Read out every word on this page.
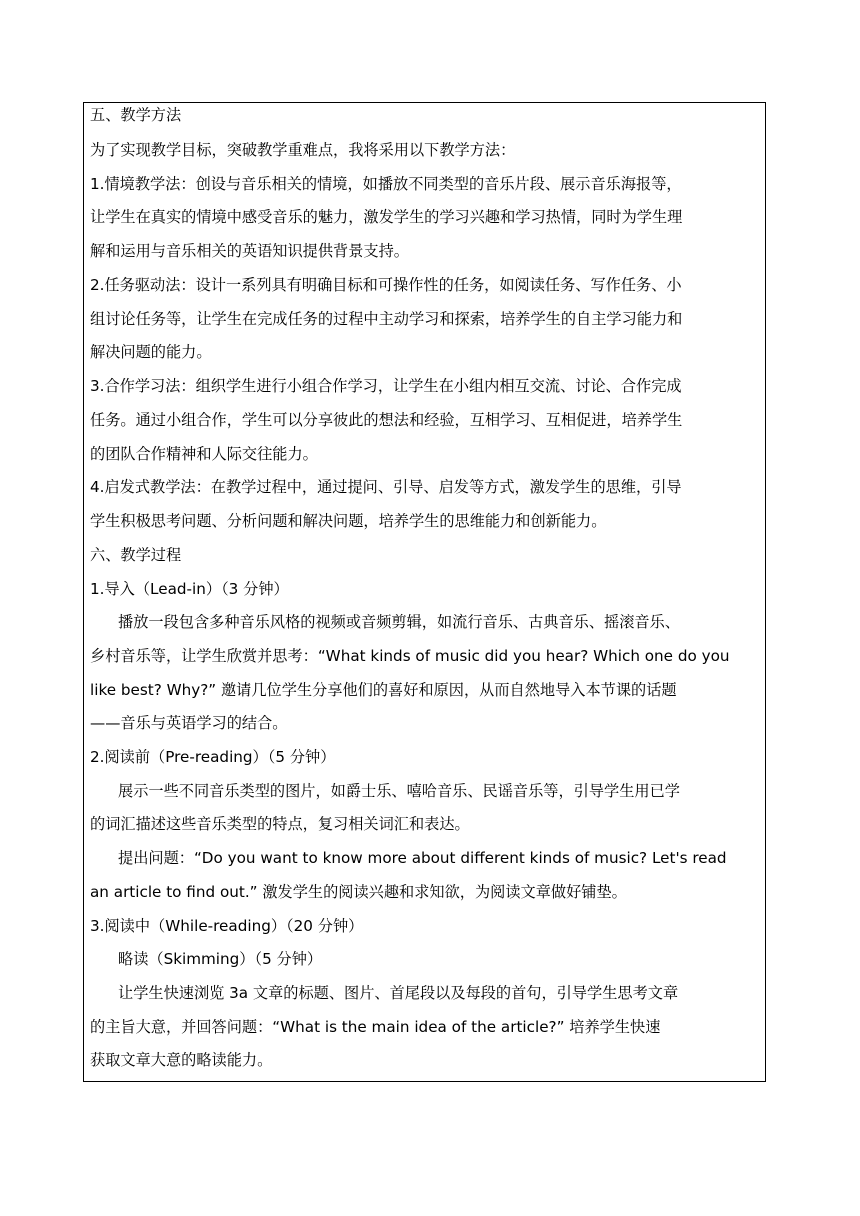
五、教学方法
为了实现教学目标，突破教学重难点，我将采用以下教学方法：
1.情境教学法：创设与音乐相关的情境，如播放不同类型的音乐片段、展示音乐海报等，
让学生在真实的情境中感受音乐的魅力，激发学生的学习兴趣和学习热情，同时为学生理
解和运用与音乐相关的英语知识提供背景支持。
2.任务驱动法：设计一系列具有明确目标和可操作性的任务，如阅读任务、写作任务、小
组讨论任务等，让学生在完成任务的过程中主动学习和探索，培养学生的自主学习能力和
解决问题的能力。
3.合作学习法：组织学生进行小组合作学习，让学生在小组内相互交流、讨论、合作完成
任务。通过小组合作，学生可以分享彼此的想法和经验，互相学习、互相促进，培养学生
的团队合作精神和人际交往能力。
4.启发式教学法：在教学过程中，通过提问、引导、启发等方式，激发学生的思维，引导
学生积极思考问题、分析问题和解决问题，培养学生的思维能力和创新能力。
六、教学过程
1.导入（Lead-in）（3 分钟）
播放一段包含多种音乐风格的视频或音频剪辑，如流行音乐、古典音乐、摇滚音乐、
乡村音乐等，让学生欣赏并思考：“What kinds of music did you hear? Which one do you
like best? Why?” 邀请几位学生分享他们的喜好和原因，从而自然地导入本节课的话题
——音乐与英语学习的结合。
2.阅读前（Pre-reading）（5 分钟）
展示一些不同音乐类型的图片，如爵士乐、嘻哈音乐、民谣音乐等，引导学生用已学
的词汇描述这些音乐类型的特点，复习相关词汇和表达。
提出问题：“Do you want to know more about different kinds of music? Let's read
an article to find out.” 激发学生的阅读兴趣和求知欲，为阅读文章做好铺垫。
3.阅读中（While-reading）（20 分钟）
略读（Skimming）（5 分钟）
让学生快速浏览 3a 文章的标题、图片、首尾段以及每段的首句，引导学生思考文章
的主旨大意，并回答问题：“What is the main idea of the article?” 培养学生快速
获取文章大意的略读能力。
